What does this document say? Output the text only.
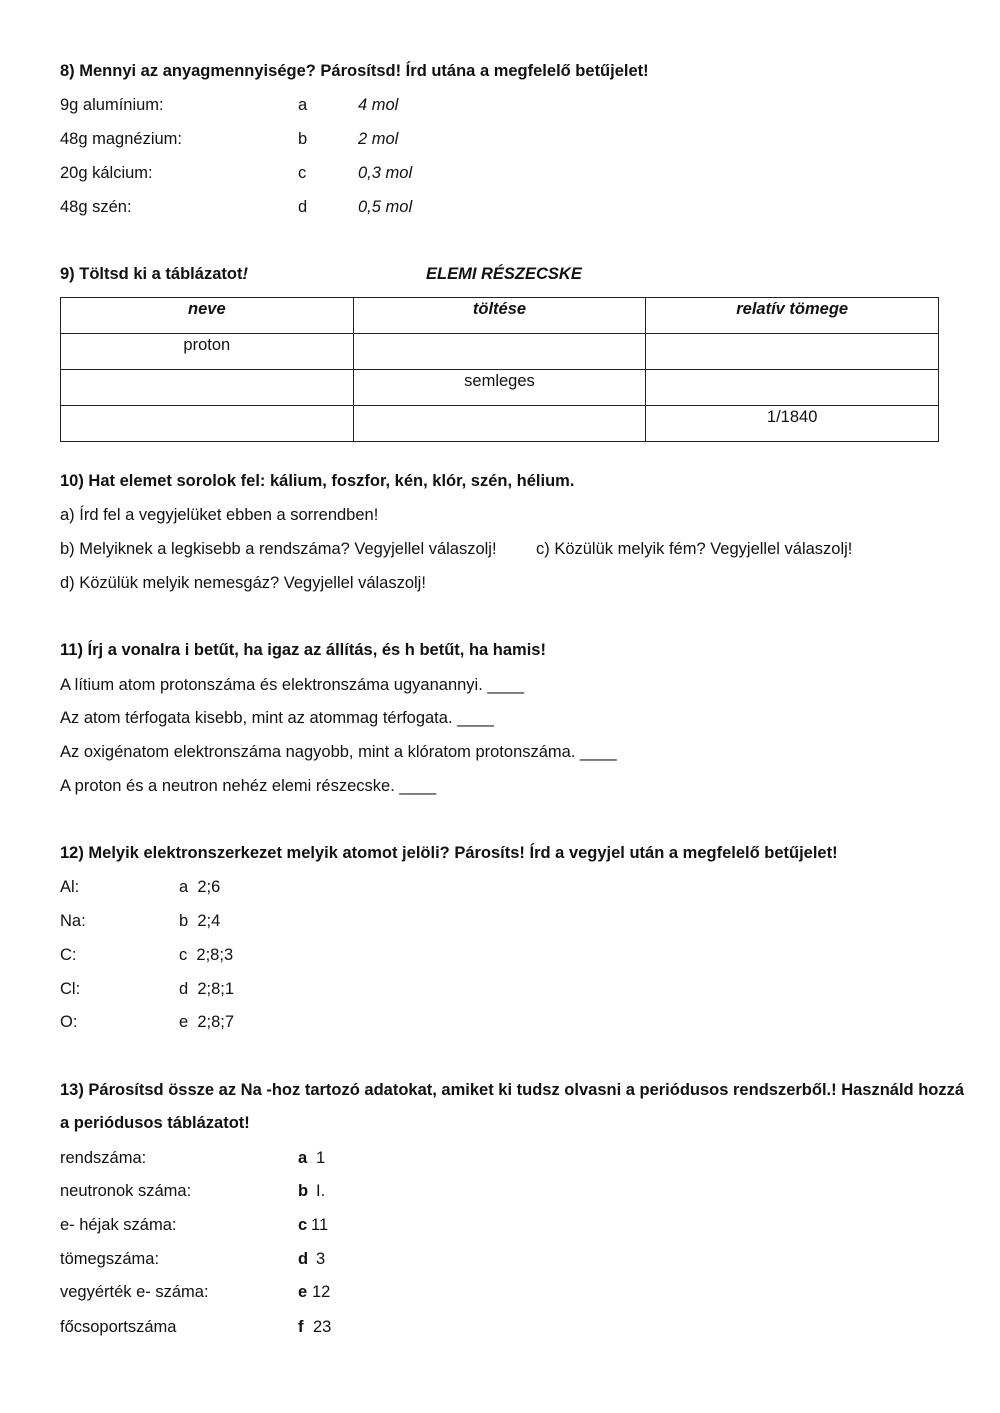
8) Mennyi az anyagmennyisége? Párosítsd! Írd utána a megfelelő betűjelet!
9g alumínium:	a	4 mol
48g magnézium:	b	2 mol
20g kálcium:	c	0,3 mol
48g szén:	d	0,5 mol
9) Töltsd ki a táblázatot!	ELEMI RÉSZECSKE
neve	töltése	relatív tömege
proton		
	semleges	
		1/1840
10) Hat elemet sorolok fel: kálium, foszfor, kén, klór, szén, hélium.
a) Írd fel a vegyjelüket ebben a sorrendben!
b) Melyiknek a legkisebb a rendszáma? Vegyjellel válaszolj! c) Közülük melyik fém? Vegyjellel válaszolj!
d) Közülük melyik nemesgáz? Vegyjellel válaszolj!
11) Írj a vonalra i betűt, ha igaz az állítás, és h betűt, ha hamis!
A lítium atom protonszáma és elektronszáma ugyanannyi. ____
Az atom térfogata kisebb, mint az atommag térfogata. ____
Az oxigénatom elektronszáma nagyobb, mint a klóratom protonszáma. ____
A proton és a neutron nehéz elemi részecske. ____
12) Melyik elektronszerkezet melyik atomot jelöli? Párosíts! Írd a vegyjel után a megfelelő betűjelet!
Al:	a  2;6
Na:	b  2;4
C:	c  2;8;3
Cl:	d  2;8;1
O:	e  2;8;7
13) Párosítsd össze az Na -hoz tartozó adatokat, amiket ki tudsz olvasni a periódusos rendszerből.! Használd hozzá
a periódusos táblázatot!
rendszáma:	a 1
neutronok száma:	b I.
e- héjak száma:	c 11
tömegszáma:	d 3
vegyérték e- száma:	e 12
főcsoportszáma	f 23
